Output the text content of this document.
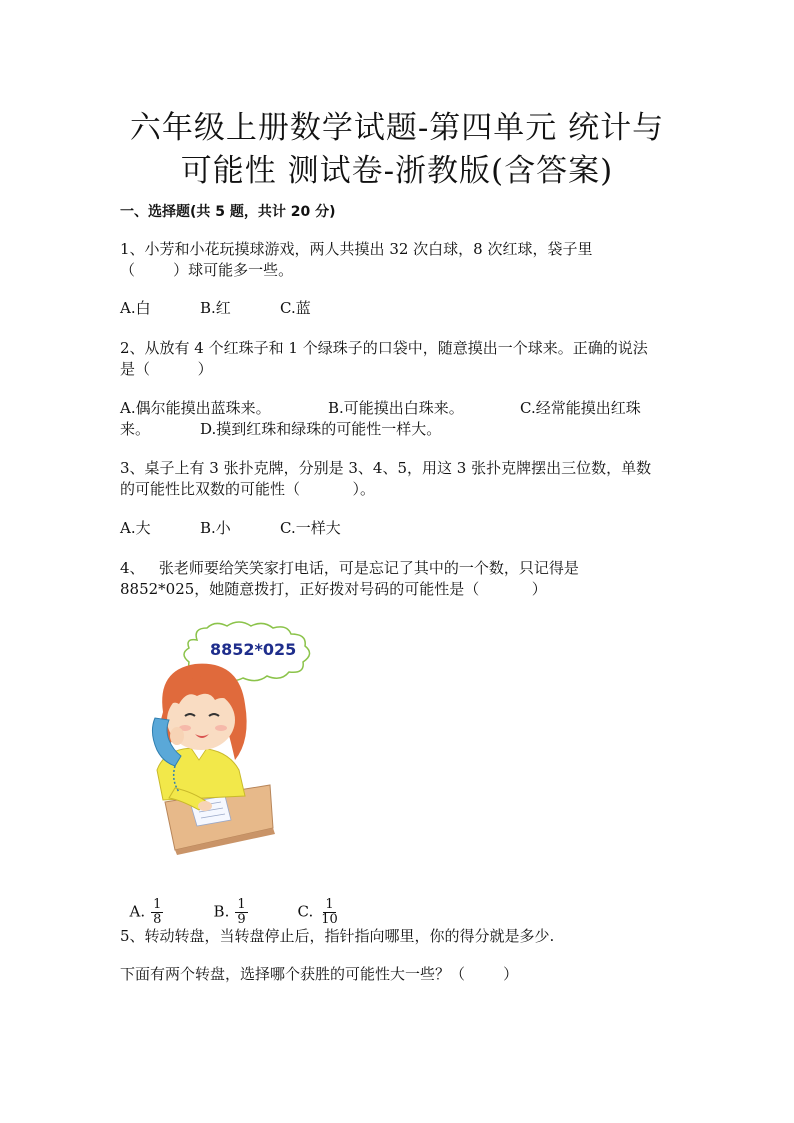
六年级上册数学试题-第四单元 统计与
可能性 测试卷-浙教版(含答案)
一、选择题(共 5 题，共计 20 分)
1、小芳和小花玩摸球游戏，两人共摸出 32 次白球，8 次红球，袋子里
（        ）球可能多一些。
A.白	B.红	C.蓝
2、从放有 4 个红珠子和 1 个绿珠子的口袋中，随意摸出一个球来。正确的说法
是（          ）
A.偶尔能摸出蓝珠来。	B.可能摸出白珠来。	C.经常能摸出红珠
来。	D.摸到红珠和绿珠的可能性一样大。
3、桌子上有 3 张扑克牌，分别是 3、4、5，用这 3 张扑克牌摆出三位数，单数
的可能性比双数的可能性（           ）。
A.大	B.小	C.一样大
4、   张老师要给笑笑家打电话，可是忘记了其中的一个数，只记得是
8852*025，她随意拨打，正好拨对号码的可能性是（           ）
8852*025

A. $\frac{1}{8}$	B. $\frac{1}{9}$	C. $\frac{1}{10}$

5、转动转盘，当转盘停止后，指针指向哪里，你的得分就是多少.
下面有两个转盘，选择哪个获胜的可能性大一些？（        ）
